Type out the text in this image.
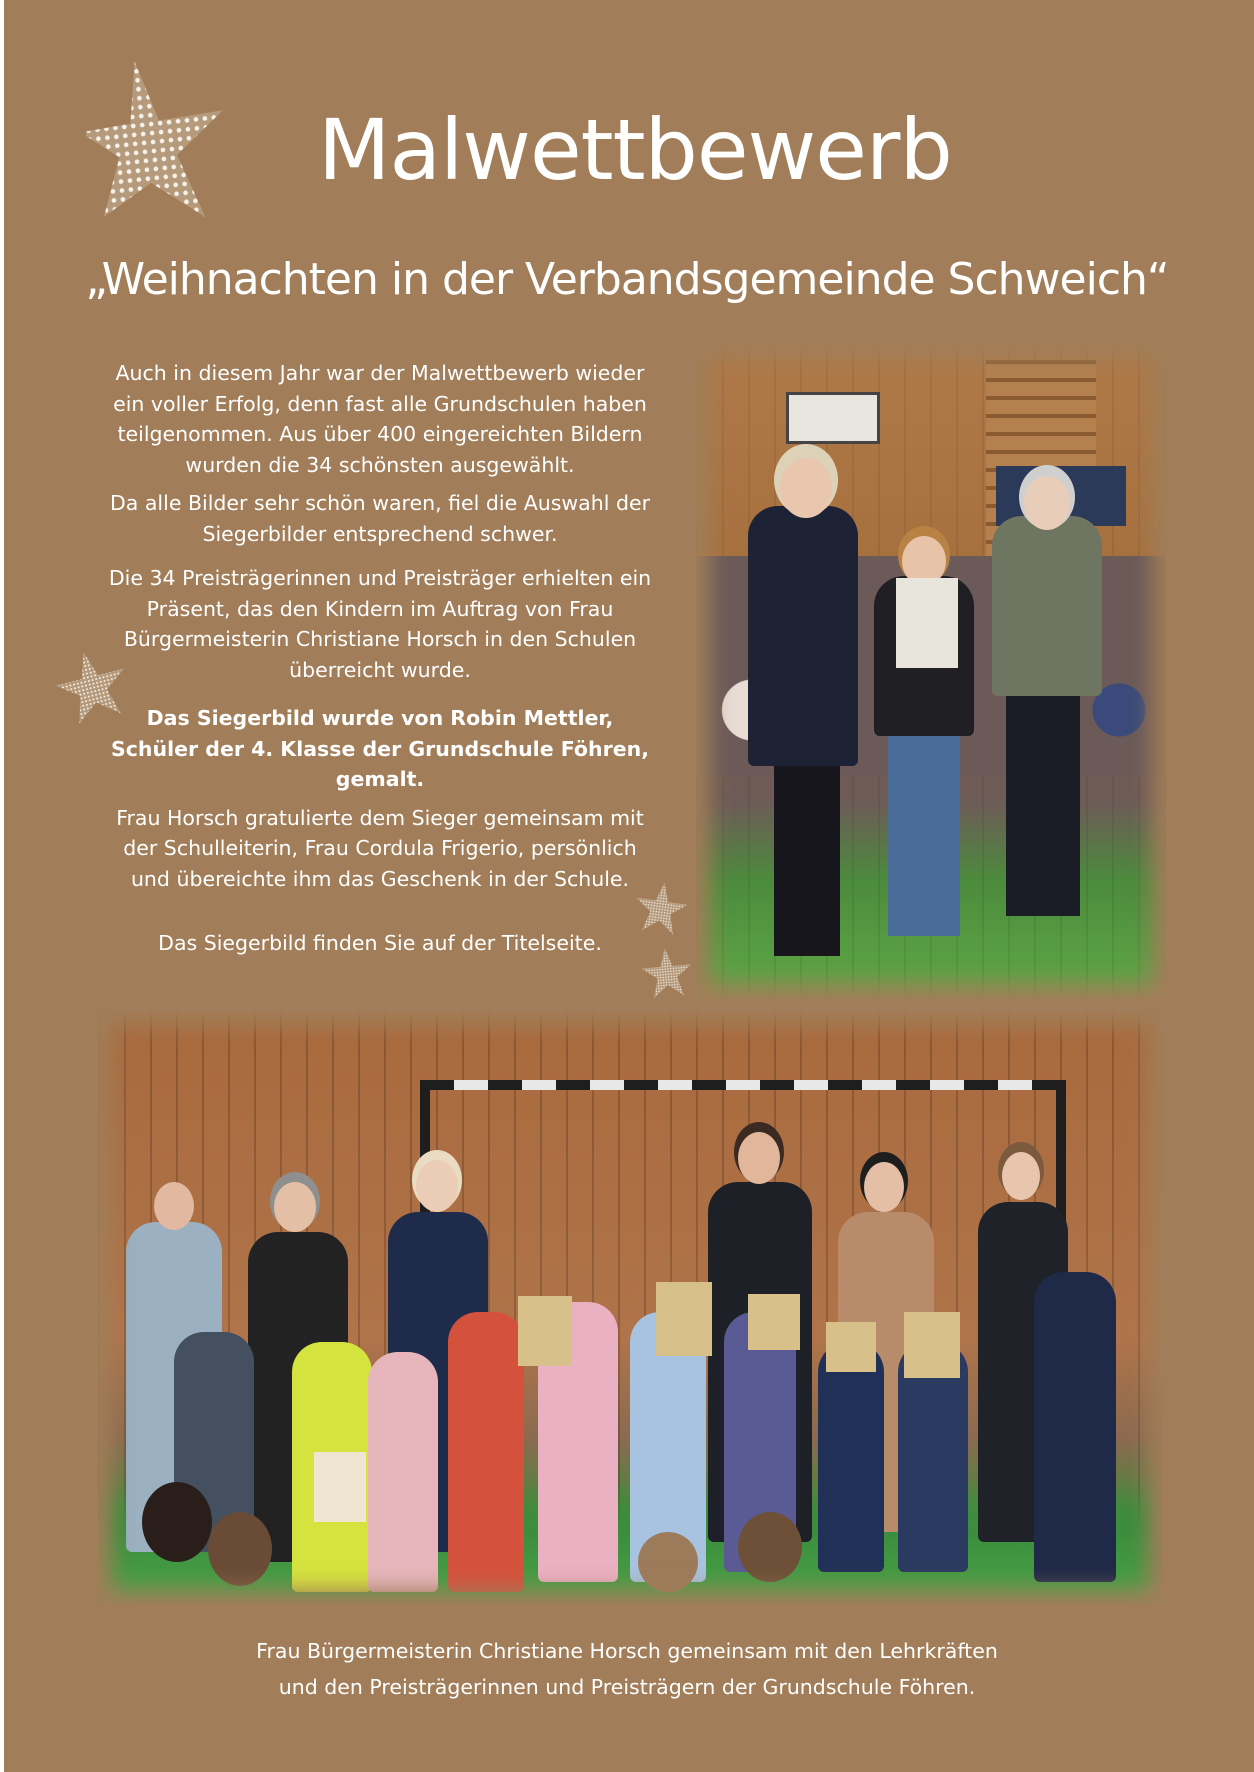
Malwettbewerb
„Weihnachten in der Verbandsgemeinde Schweich“

Auch in diesem Jahr war der Malwettbewerb wieder ein voller Erfolg, denn fast alle Grundschulen haben teilgenommen. Aus über 400 eingereichten Bildern wurden die 34 schönsten ausgewählt.

Da alle Bilder sehr schön waren, fiel die Auswahl der Siegerbilder entsprechend schwer.

Die 34 Preisträgerinnen und Preisträger erhielten ein Präsent, das den Kindern im Auftrag von Frau Bürgermeisterin Christiane Horsch in den Schulen überreicht wurde.

Das Siegerbild wurde von Robin Mettler, Schüler der 4. Klasse der Grundschule Föhren, gemalt.

Frau Horsch gratulierte dem Sieger gemeinsam mit der Schulleiterin, Frau Cordula Frigerio, persönlich und übereichte ihm das Geschenk in der Schule.

Das Siegerbild finden Sie auf der Titelseite.

Frau Bürgermeisterin Christiane Horsch gemeinsam mit den Lehrkräften
und den Preisträgerinnen und Preisträgern der Grundschule Föhren.
